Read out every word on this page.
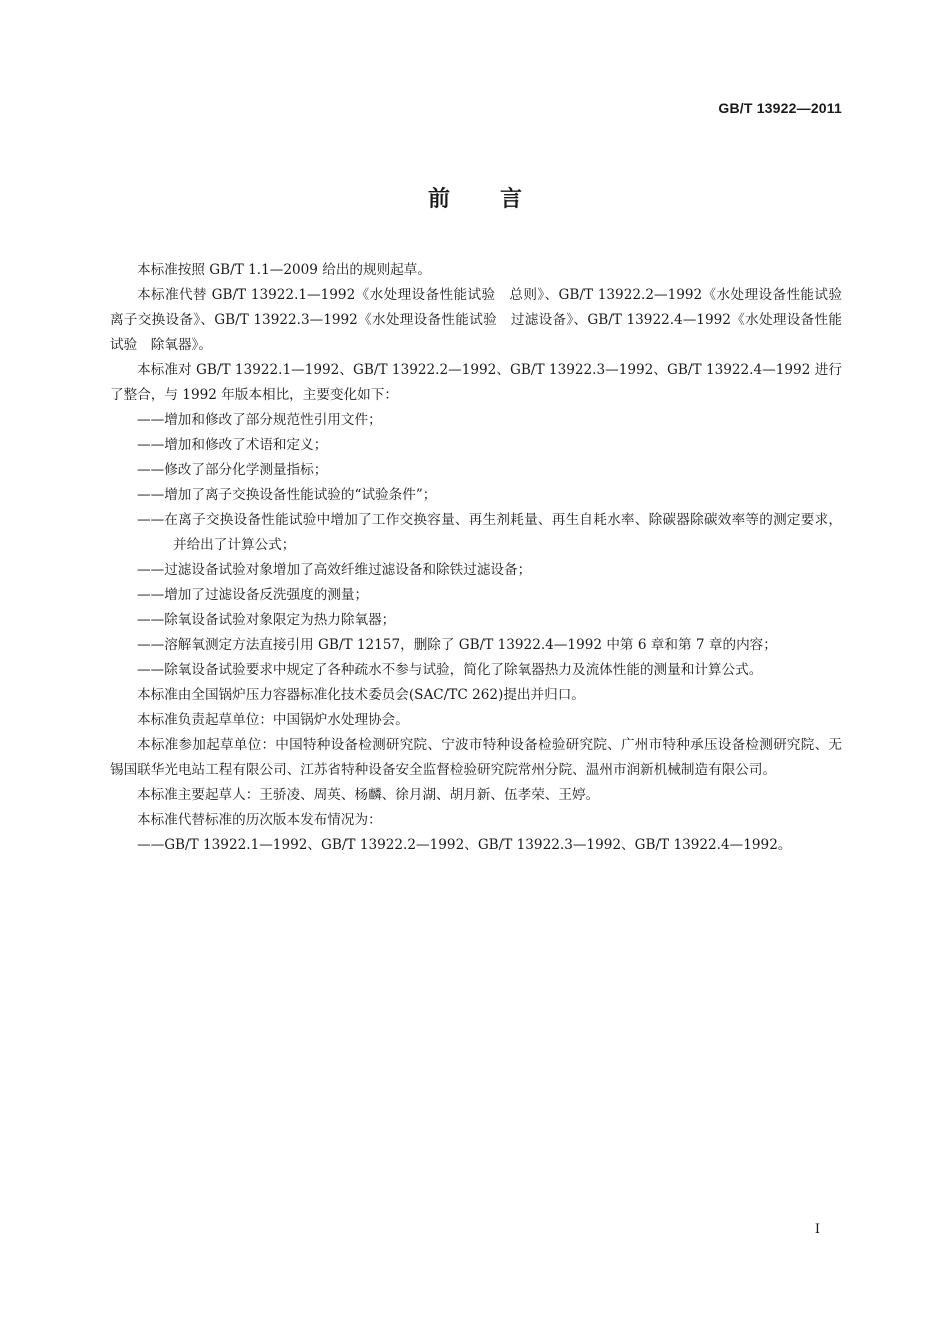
GB/T 13922—2011
前言

本标准按照 GB/T 1.1—2009 给出的规则起草。

本标准代替 GB/T 13922.1—1992《水处理设备性能试验　总则》、GB/T 13922.2—1992《水处理设备性能试验　离子交换设备》、GB/T 13922.3—1992《水处理设备性能试验　过滤设备》、GB/T 13922.4—1992《水处理设备性能试验　除氧器》。

本标准对 GB/T 13922.1—1992、GB/T 13922.2—1992、GB/T 13922.3—1992、GB/T 13922.4—1992 进行了整合，与 1992 年版本相比，主要变化如下：

——增加和修改了部分规范性引用文件；

——增加和修改了术语和定义；

——修改了部分化学测量指标；

——增加了离子交换设备性能试验的“试验条件”；

——在离子交换设备性能试验中增加了工作交换容量、再生剂耗量、再生自耗水率、除碳器除碳效率等的测定要求，并给出了计算公式；

——过滤设备试验对象增加了高效纤维过滤设备和除铁过滤设备；

——增加了过滤设备反洗强度的测量；

——除氧设备试验对象限定为热力除氧器；

——溶解氧测定方法直接引用 GB/T 12157，删除了 GB/T 13922.4—1992 中第 6 章和第 7 章的内容；

——除氧设备试验要求中规定了各种疏水不参与试验，简化了除氧器热力及流体性能的测量和计算公式。

本标准由全国锅炉压力容器标准化技术委员会(SAC/TC 262)提出并归口。

本标准负责起草单位：中国锅炉水处理协会。

本标准参加起草单位：中国特种设备检测研究院、宁波市特种设备检验研究院、广州市特种承压设备检测研究院、无锡国联华光电站工程有限公司、江苏省特种设备安全监督检验研究院常州分院、温州市润新机械制造有限公司。

本标准主要起草人：王骄凌、周英、杨麟、徐月湖、胡月新、伍孝荣、王婷。

本标准代替标准的历次版本发布情况为：

——GB/T 13922.1—1992、GB/T 13922.2—1992、GB/T 13922.3—1992、GB/T 13922.4—1992。

I
